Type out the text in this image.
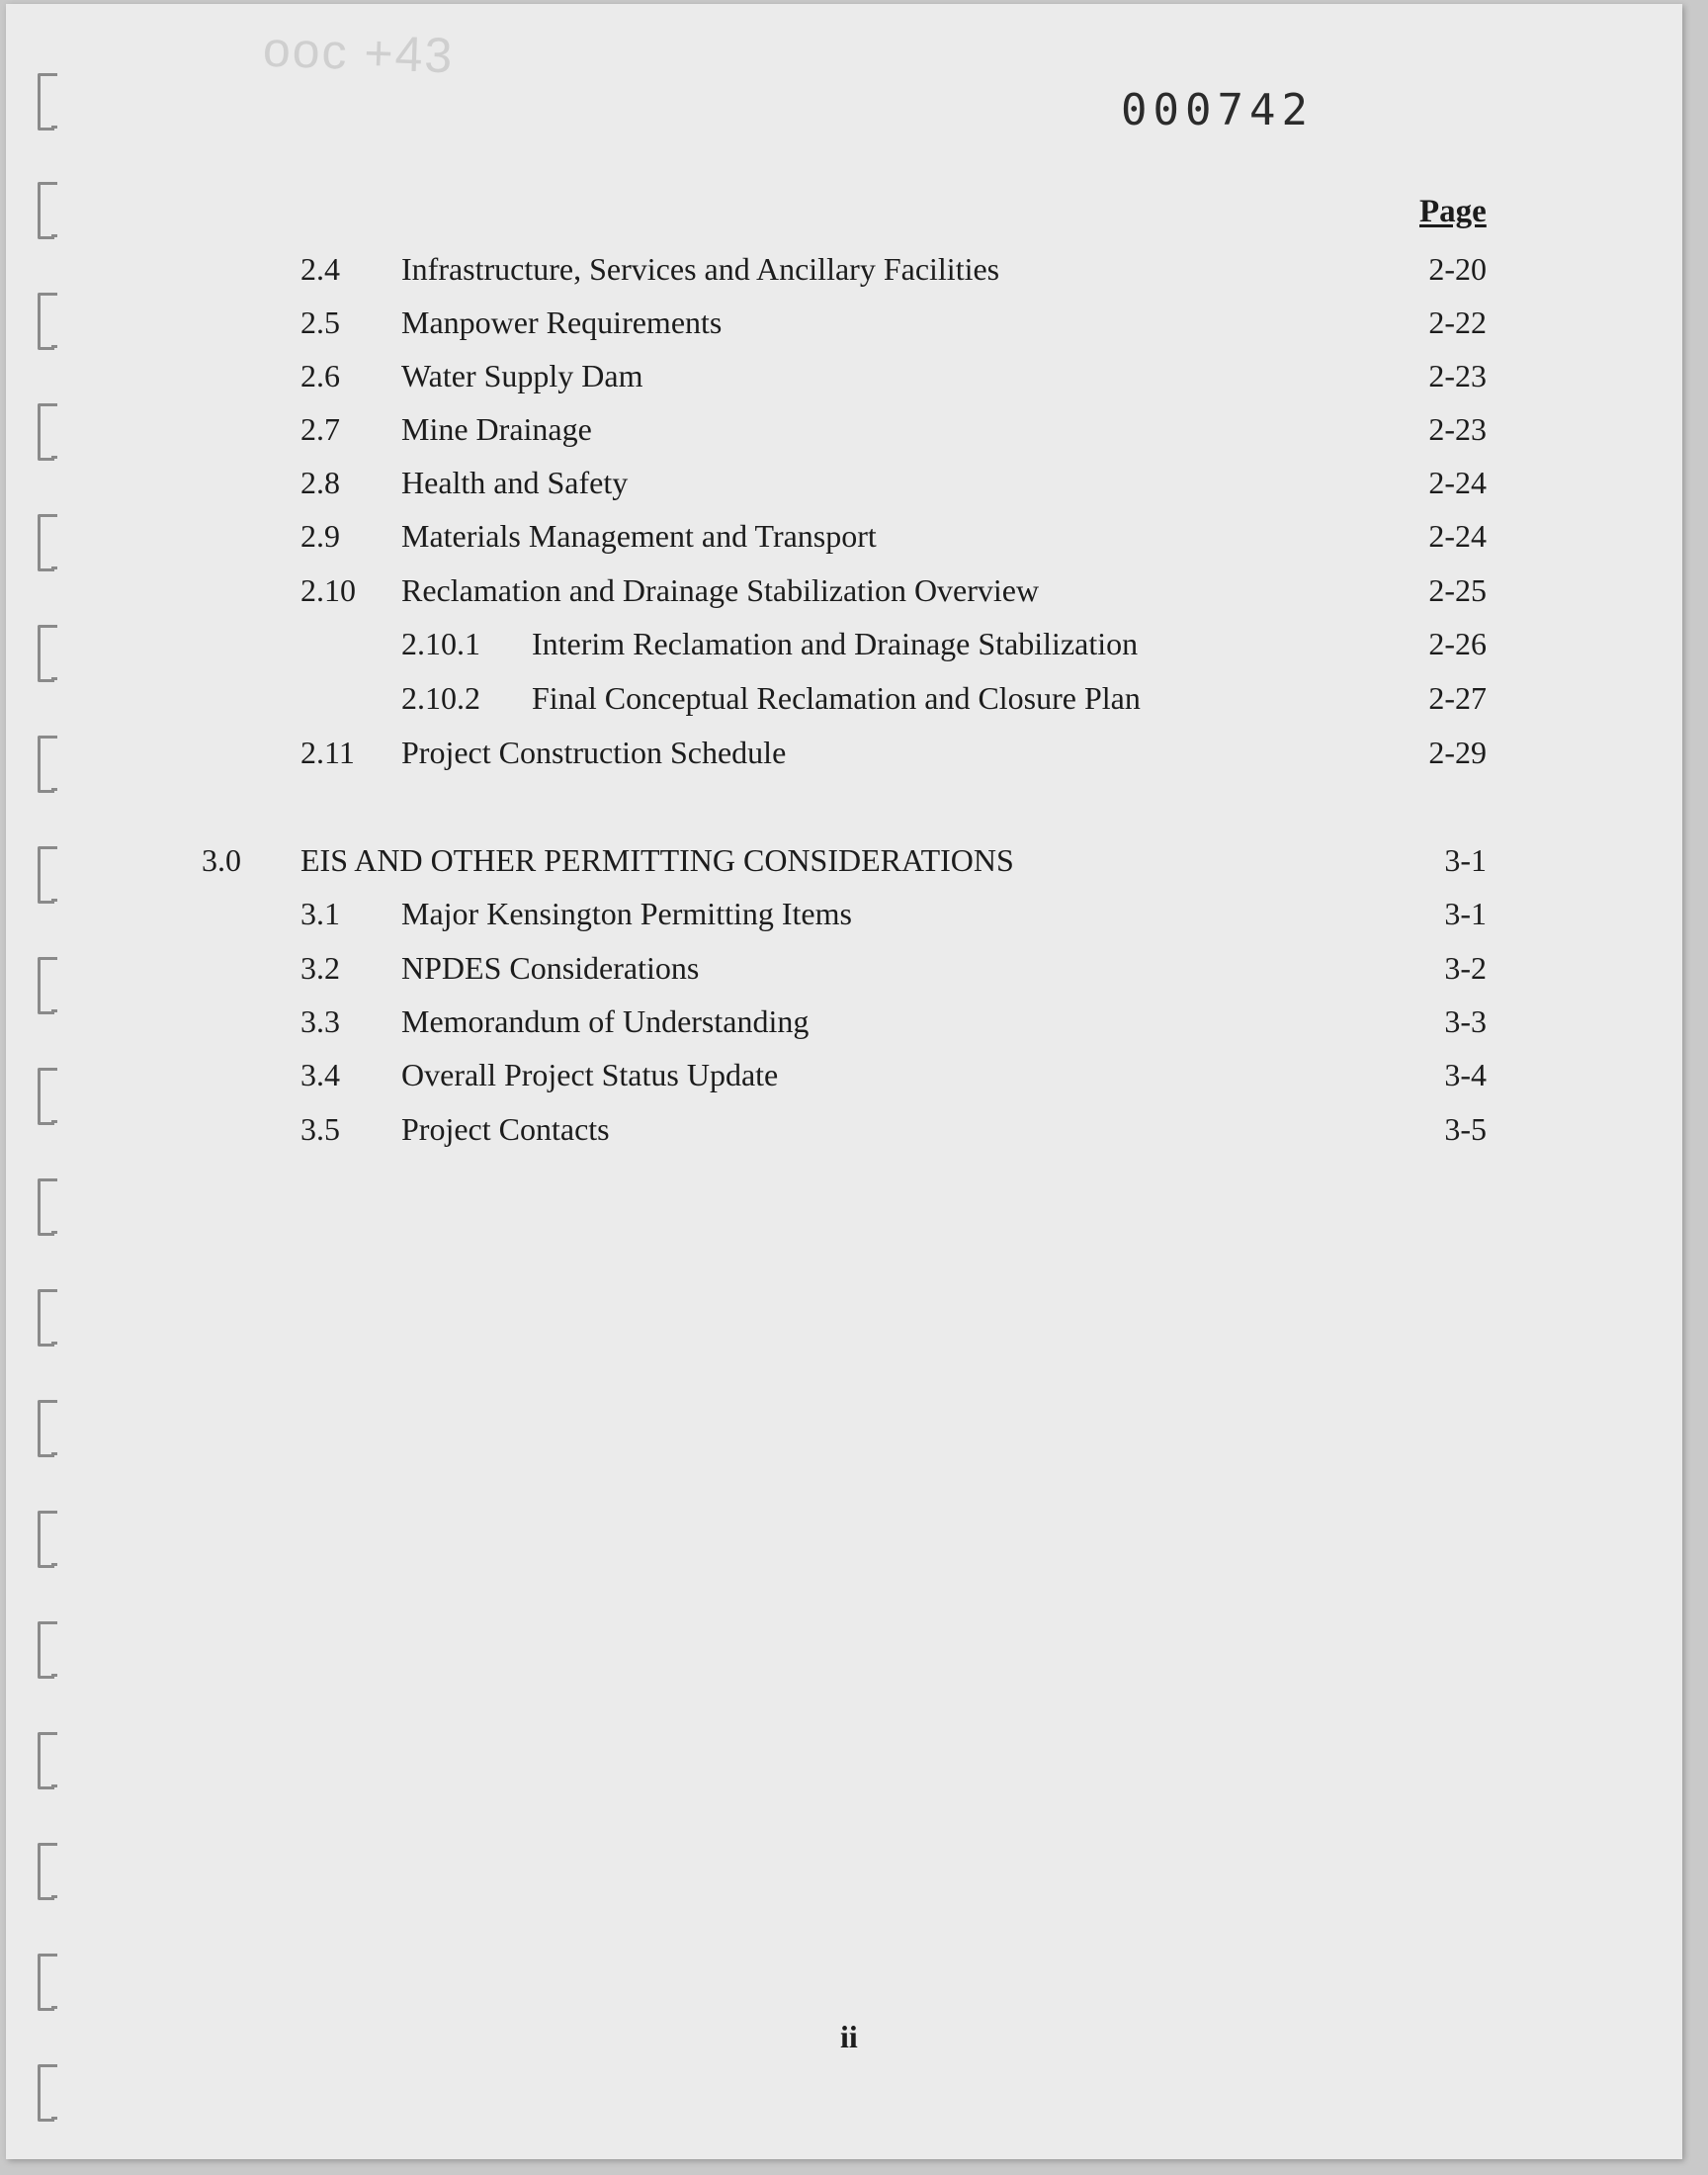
ooc +43
000742
Page
2.4 Infrastructure, Services and Ancillary Facilities	2-20
2.5 Manpower Requirements	2-22
2.6 Water Supply Dam	2-23
2.7 Mine Drainage	2-23
2.8 Health and Safety	2-24
2.9 Materials Management and Transport	2-24
2.10 Reclamation and Drainage Stabilization Overview	2-25
2.10.1 Interim Reclamation and Drainage Stabilization	2-26
2.10.2 Final Conceptual Reclamation and Closure Plan	2-27
2.11 Project Construction Schedule	2-29
3.0 EIS AND OTHER PERMITTING CONSIDERATIONS	3-1
3.1 Major Kensington Permitting Items	3-1
3.2 NPDES Considerations	3-2
3.3 Memorandum of Understanding	3-3
3.4 Overall Project Status Update	3-4
3.5 Project Contacts	3-5
ii
